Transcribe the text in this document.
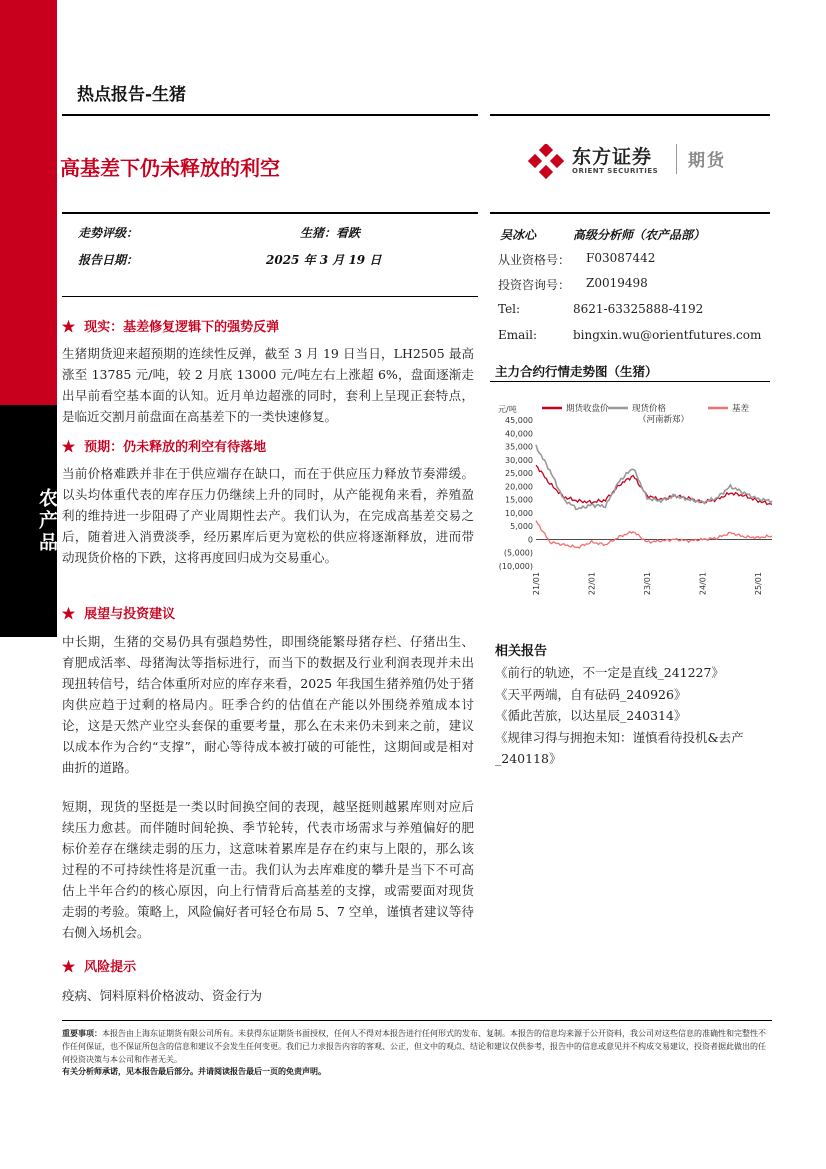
农产品
热点报告-生猪
高基差下仍未释放的利空	东方证券
ORIENT SECURITIES 期货
走势评级：	生猪：看跌
报告日期：	2025 年 3 月 19 日
吴冰心	高级分析师（农产品部）
从业资格号： F03087442
投资咨询号： Z0019498
Tel:	8621-63325888-4192
Email:	bingxin.wu@orientfutures.com
★ 现实：基差修复逻辑下的强势反弹
生猪期货迎来超预期的连续性反弹，截至 3 月 19 日当日，LH2505 最高涨至 13785 元/吨，较 2 月底 13000 元/吨左右上涨超 6%，盘面逐渐走出早前看空基本面的认知。近月单边超涨的同时，套利上呈现正套特点，是临近交割月前盘面在高基差下的一类快速修复。
★ 预期：仍未释放的利空有待落地
当前价格难跌并非在于供应端存在缺口，而在于供应压力释放节奏滞缓。以头均体重代表的库存压力仍继续上升的同时，从产能视角来看，养殖盈利的维持进一步阻碍了产业周期性去产。我们认为，在完成高基差交易之后，随着进入消费淡季，经历累库后更为宽松的供应将逐渐释放，进而带动现货价格的下跌，这将再度回归成为交易重心。
★ 展望与投资建议
中长期，生猪的交易仍具有强趋势性，即围绕能繁母猪存栏、仔猪出生、育肥成活率、母猪淘汰等指标进行，而当下的数据及行业利润表现并未出现扭转信号，结合体重所对应的库存来看，2025 年我国生猪养殖仍处于猪肉供应趋于过剩的格局内。旺季合约的估值在产能以外围绕养殖成本讨论，这是天然产业空头套保的重要考量，那么在未来仍未到来之前，建议以成本作为合约“支撑”，耐心等待成本被打破的可能性，这期间或是相对曲折的道路。
短期，现货的坚挺是一类以时间换空间的表现，越坚挺则越累库则对应后续压力愈甚。而伴随时间轮换、季节轮转，代表市场需求与养殖偏好的肥标价差存在继续走弱的压力，这意味着累库是存在约束与上限的，那么该过程的不可持续性将是沉重一击。我们认为去库难度的攀升是当下不可高估上半年合约的核心原因，向上行情背后高基差的支撑，或需要面对现货走弱的考验。策略上，风险偏好者可轻仓布局 5、7 空单，谨慎者建议等待右侧入场机会。
★ 风险提示
疫病、饲料原料价格波动、资金行为
主力合约行情走势图（生猪）
45,000
40,000
35,000
30,000
25,000
20,000
15,000
10,000
5,000
0
(5,000)
(10,000)
元/吨
21/01	22/01	23/01	24/01	25/01
期货收盘价	现货价格	基差
（河南新郑）
相关报告
《前行的轨迹，不一定是直线_241227》
《天平两端，自有砝码_240926》
《循此苦旅，以达星辰_240314》
《规律习得与拥抱未知：谨慎看待投机&去产_240118》
重要事项：本报告由上海东证期货有限公司所有。未获得东证期货书面授权，任何人不得对本报告进行任何形式的发布、复制。本报告的信息均来源于公开资料，我公司对这些信息的准确性和完整性不作任何保证，也不保证所包含的信息和建议不会发生任何变更。我们已力求报告内容的客观、公正，但文中的观点、结论和建议仅供参考，报告中的信息或意见并不构成交易建议，投资者据此做出的任何投资决策与本公司和作者无关。
有关分析师承诺，见本报告最后部分。并请阅读报告最后一页的免责声明。
